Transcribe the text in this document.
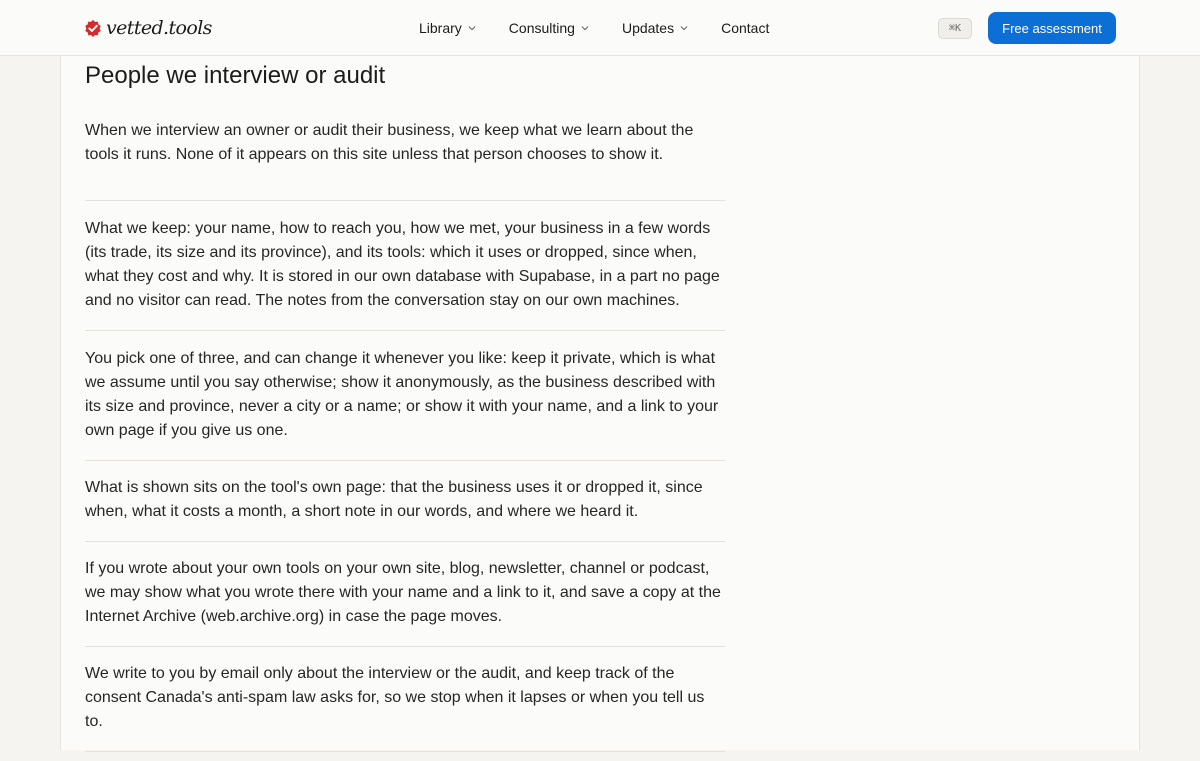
vetted.tools	Library	Consulting	Updates	Contact	⌘K	Free assessment
People we interview or audit

When we interview an owner or audit their business, we keep what we learn about the tools it runs. None of it appears on this site unless that person chooses to show it.

What we keep: your name, how to reach you, how we met, your business in a few words (its trade, its size and its province), and its tools: which it uses or dropped, since when, what they cost and why. It is stored in our own database with Supabase, in a part no page and no visitor can read. The notes from the conversation stay on our own machines.

You pick one of three, and can change it whenever you like: keep it private, which is what we assume until you say otherwise; show it anonymously, as the business described with its size and province, never a city or a name; or show it with your name, and a link to your own page if you give us one.

What is shown sits on the tool's own page: that the business uses it or dropped it, since when, what it costs a month, a short note in our words, and where we heard it.

If you wrote about your own tools on your own site, blog, newsletter, channel or podcast, we may show what you wrote there with your name and a link to it, and save a copy at the Internet Archive (web.archive.org) in case the page moves.

We write to you by email only about the interview or the audit, and keep track of the consent Canada's anti-spam law asks for, so we stop when it lapses or when you tell us to.
